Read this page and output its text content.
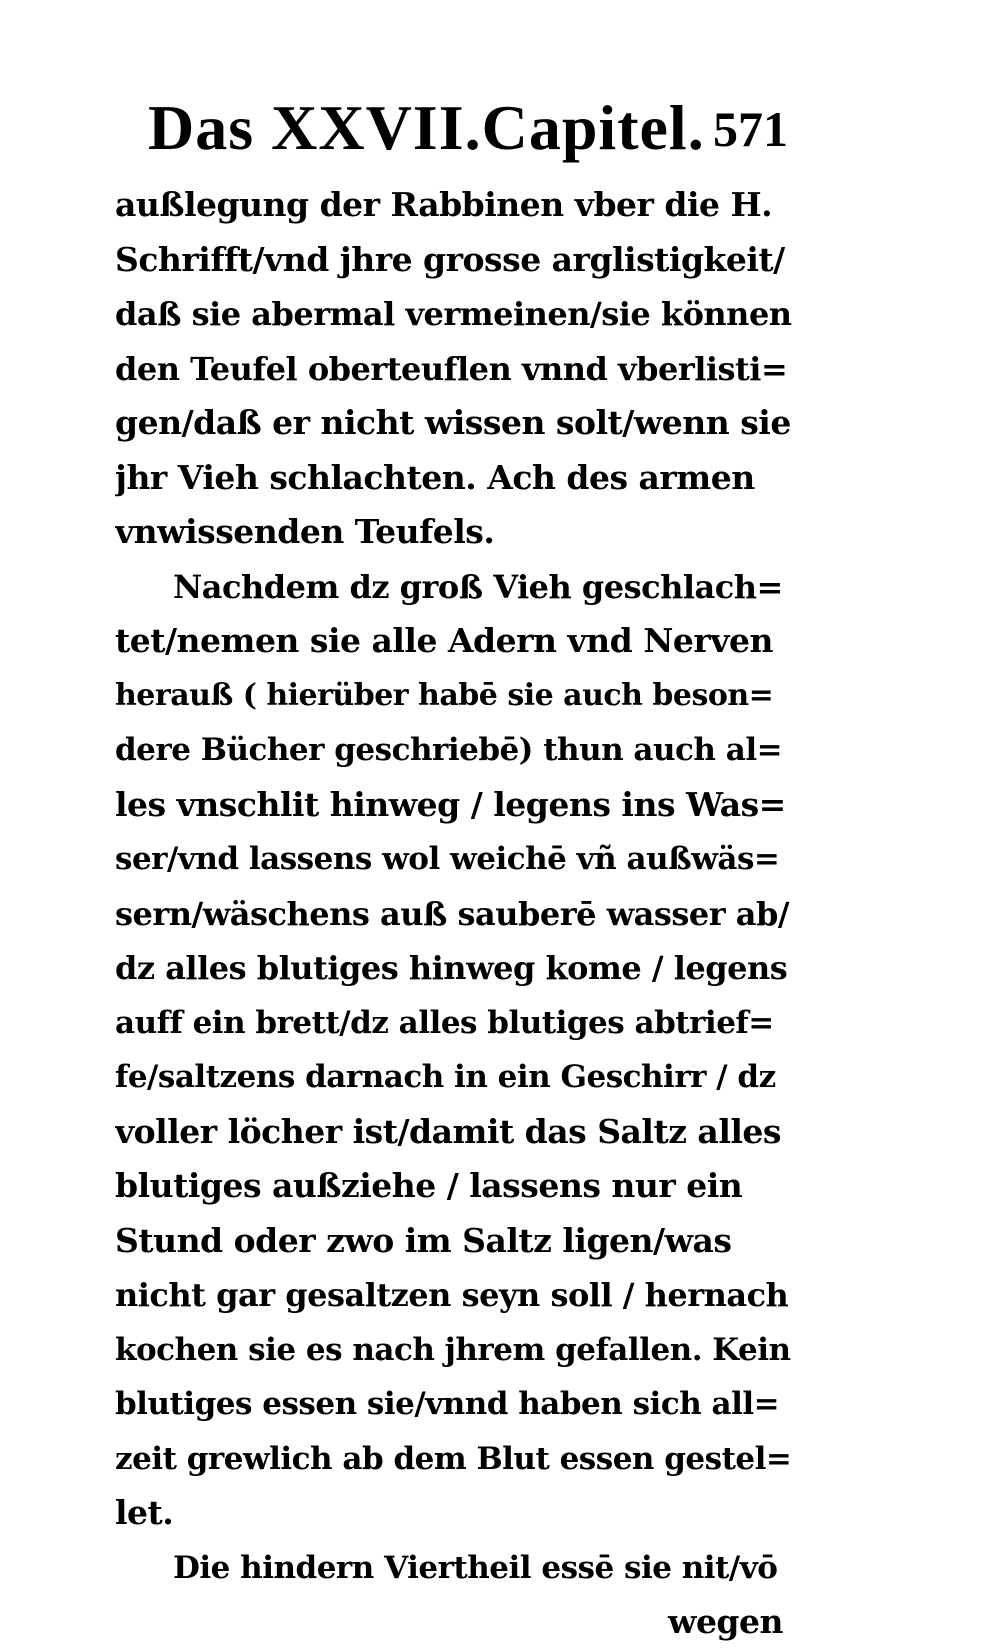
Das XXVII.Capitel. 571
außlegung der Rabbinen vber die H.
Schrifft/vnd jhre grosse arglistigkeit/
daß sie abermal vermeinen/sie können
den Teufel oberteuflen vnnd vberlisti=
gen/daß er nicht wissen solt/wenn sie
jhr Vieh schlachten. Ach des armen
vnwissenden Teufels.
Nachdem dz groß Vieh geschlach=
tet/nemen sie alle Adern vnd Nerven
herauß ( hierüber habē sie auch beson=
dere Bücher geschriebē) thun auch al=
les vnschlit hinweg / legens ins Was=
ser/vnd lassens wol weichē vñ außwäs=
sern/wäschens auß sauberē wasser ab/
dz alles blutiges hinweg kome / legens
auff ein brett/dz alles blutiges abtrief=
fe/saltzens darnach in ein Geschirr / dz
voller löcher ist/damit das Saltz alles
blutiges außziehe / lassens nur ein
Stund oder zwo im Saltz ligen/was
nicht gar gesaltzen seyn soll / hernach
kochen sie es nach jhrem gefallen. Kein
blutiges essen sie/vnnd haben sich all=
zeit grewlich ab dem Blut essen gestel=
let.
Die hindern Viertheil essē sie nit/vō
wegen
